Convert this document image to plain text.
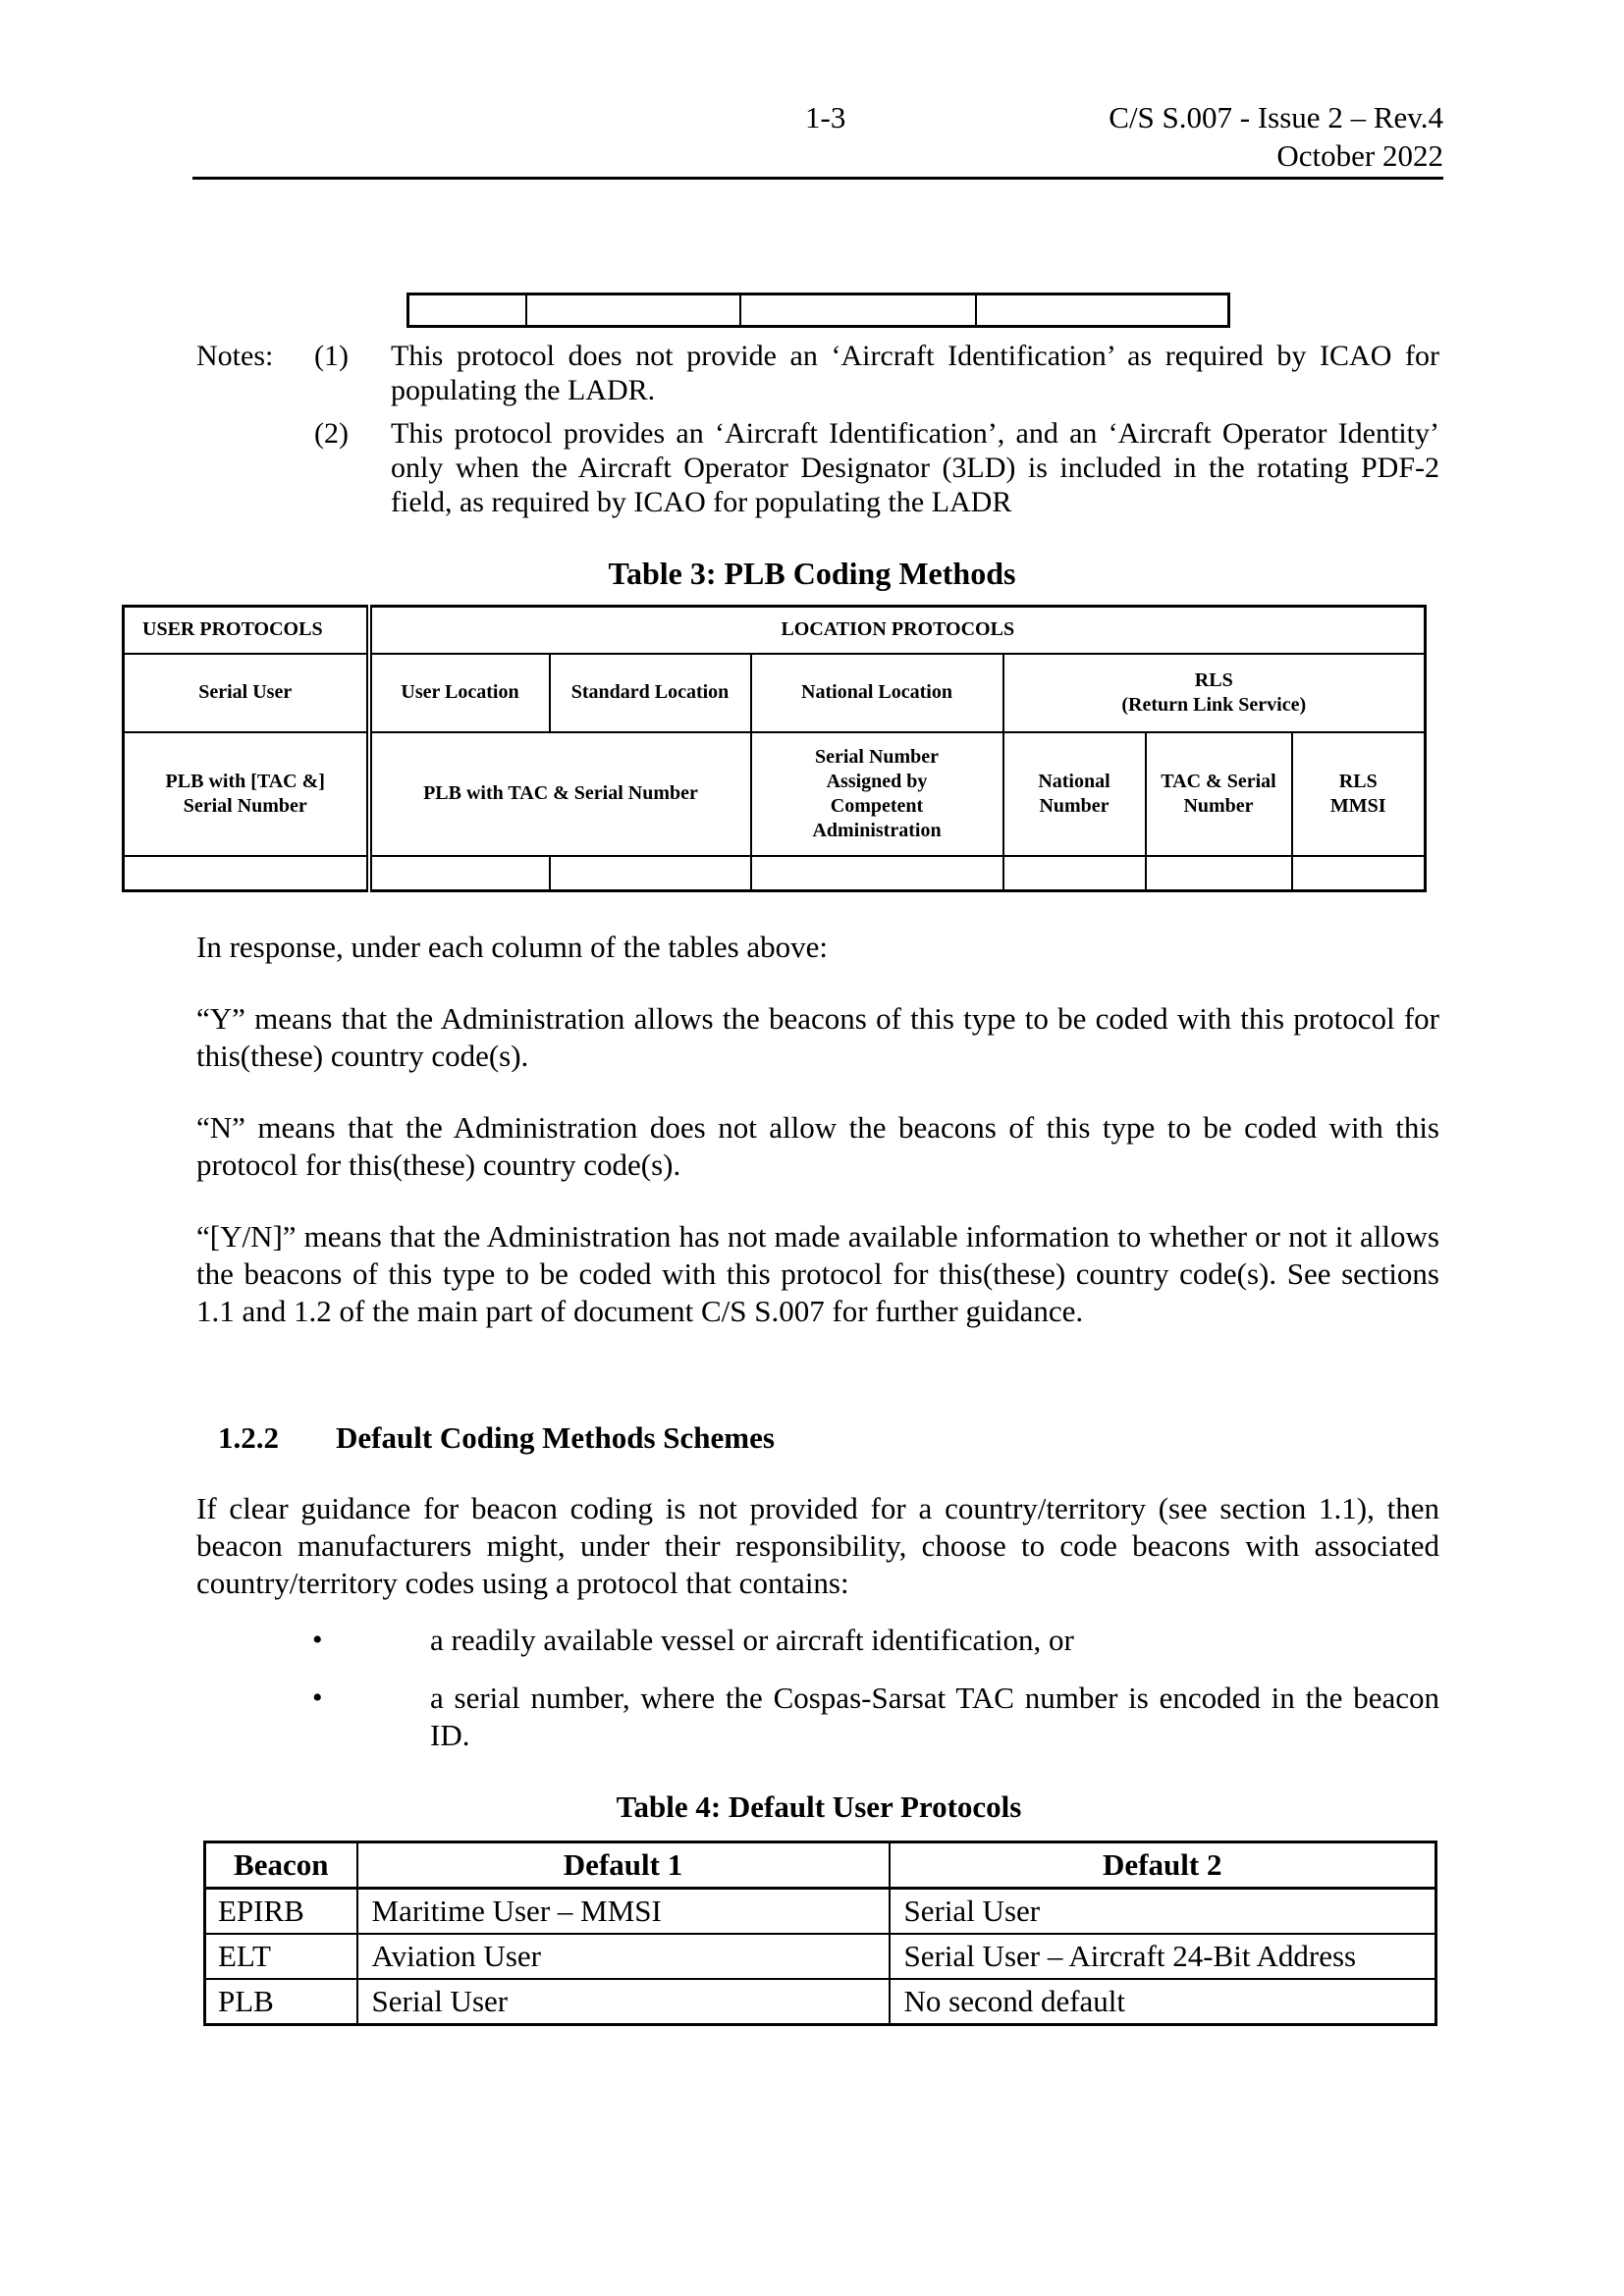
1-3	C/S S.007 - Issue 2 – Rev.4
October 2022

Notes: (1) This protocol does not provide an ‘Aircraft Identification’ as required by ICAO for populating the LADR.
(2) This protocol provides an ‘Aircraft Identification’, and an ‘Aircraft Operator Identity’ only when the Aircraft Operator Designator (3LD) is included in the rotating PDF-2 field, as required by ICAO for populating the LADR
Table 3: PLB Coding Methods
USER PROTOCOLS	LOCATION PROTOCOLS					
Serial User	User Location	Standard Location	National Location	RLS
(Return Link Service)		

PLB with [TAC &] Serial Number	PLB with TAC & Serial Number		Serial Number Assigned by Competent Administration	National Number	TAC & Serial Number	RLS MMSI

In response, under each column of the tables above:
“Y” means that the Administration allows the beacons of this type to be coded with this protocol for this(these) country code(s).
“N” means that the Administration does not allow the beacons of this type to be coded with this protocol for this(these) country code(s).
“[Y/N]” means that the Administration has not made available information to whether or not it allows the beacons of this type to be coded with this protocol for this(these) country code(s). See sections 1.1 and 1.2 of the main part of document C/S S.007 for further guidance.
1.2.2 Default Coding Methods Schemes
If clear guidance for beacon coding is not provided for a country/territory (see section 1.1), then beacon manufacturers might, under their responsibility, choose to code beacons with associated country/territory codes using a protocol that contains:
•	a readily available vessel or aircraft identification, or
•	a serial number, where the Cospas-Sarsat TAC number is encoded in the beacon ID.
Table 4: Default User Protocols
Beacon	Default 1	Default 2
EPIRB	Maritime User – MMSI	Serial User
ELT	Aviation User	Serial User – Aircraft 24-Bit Address
PLB	Serial User	No second default
